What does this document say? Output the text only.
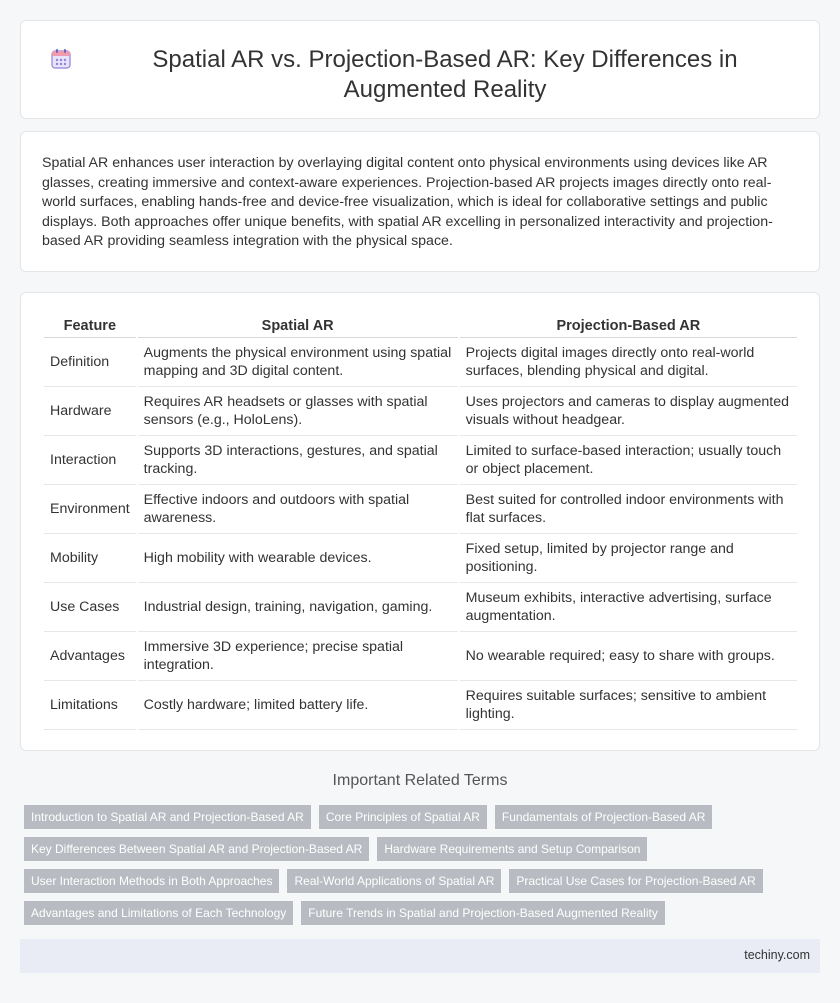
Spatial AR vs. Projection-Based AR: Key Differences in Augmented Reality

Spatial AR enhances user interaction by overlaying digital content onto physical environments using devices like AR glasses, creating immersive and context-aware experiences. Projection-based AR projects images directly onto real-world surfaces, enabling hands-free and device-free visualization, which is ideal for collaborative settings and public displays. Both approaches offer unique benefits, with spatial AR excelling in personalized interactivity and projection-based AR providing seamless integration with the physical space.

Feature	Spatial AR	Projection-Based AR
Definition	Augments the physical environment using spatial mapping and 3D digital content.	Projects digital images directly onto real-world surfaces, blending physical and digital.
Hardware	Requires AR headsets or glasses with spatial sensors (e.g., HoloLens).	Uses projectors and cameras to display augmented visuals without headgear.
Interaction	Supports 3D interactions, gestures, and spatial tracking.	Limited to surface-based interaction; usually touch or object placement.
Environment	Effective indoors and outdoors with spatial awareness.	Best suited for controlled indoor environments with flat surfaces.
Mobility	High mobility with wearable devices.	Fixed setup, limited by projector range and positioning.
Use Cases	Industrial design, training, navigation, gaming.	Museum exhibits, interactive advertising, surface augmentation.
Advantages	Immersive 3D experience; precise spatial integration.	No wearable required; easy to share with groups.
Limitations	Costly hardware; limited battery life.	Requires suitable surfaces; sensitive to ambient lighting.
Important Related Terms
Introduction to Spatial AR and Projection-Based AR	Core Principles of Spatial AR	Fundamentals of Projection-Based AR
Key Differences Between Spatial AR and Projection-Based AR	Hardware Requirements and Setup Comparison
User Interaction Methods in Both Approaches	Real-World Applications of Spatial AR	Practical Use Cases for Projection-Based AR
Advantages and Limitations of Each Technology	Future Trends in Spatial and Projection-Based Augmented Reality
techiny.com
